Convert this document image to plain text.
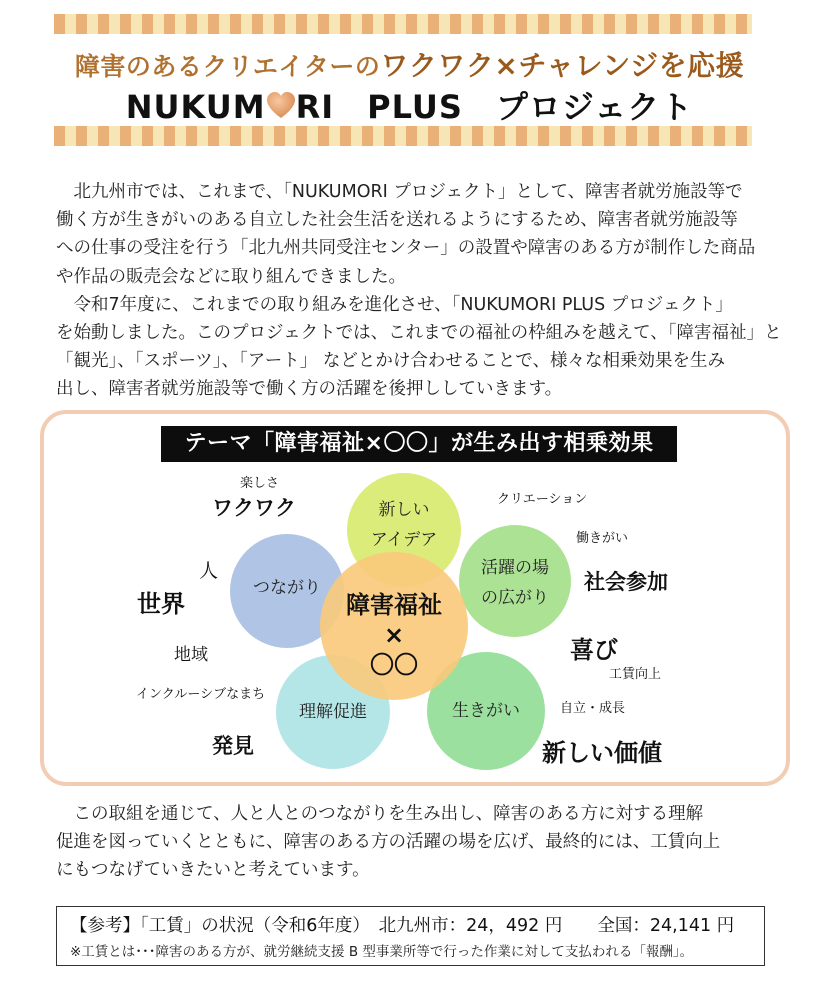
障害のあるクリエイターのワクワク×チャレンジを応援
NUKUM RI　PLUS　プロジェクト
　北九州市では、これまで、「NUKUMORI プロジェクト」として、障害者就労施設等で
働く方が生きがいのある自立した社会生活を送れるようにするため、障害者就労施設等
への仕事の受注を行う「北九州共同受注センター」の設置や障害のある方が制作した商品
や作品の販売会などに取り組んできました。
　令和7年度に、これまでの取り組みを進化させ、「NUKUMORI PLUS プロジェクト」
を始動しました。このプロジェクトでは、これまでの福祉の枠組みを越えて、「障害福祉」と
「観光」、「スポーツ」、「アート」 などとかけ合わせることで、様々な相乗効果を生み
出し、障害者就労施設等で働く方の活躍を後押ししていきます。
テーマ「障害福祉×〇〇」が生み出す相乗効果
新しい
アイデア
活躍の場
の広がり
生きがい
理解促進
つながり
障害福祉
×
〇〇
楽しさ
ワクワク	クリエーション
働きがい
社会参加
人
世界
地域	喜び
工賃向上
インクルーシブなまち
自立・成長
発見	新しい価値
　この取組を通じて、人と人とのつながりを生み出し、障害のある方に対する理解
促進を図っていくとともに、障害のある方の活躍の場を広げ、最終的には、工賃向上
にもつなげていきたいと考えています。
【参考】「工賃」の状況（令和6年度）　北九州市：24，492 円　　全国：24,141 円
※工賃とは･･･障害のある方が、就労継続支援 B 型事業所等で行った作業に対して支払われる「報酬」。
